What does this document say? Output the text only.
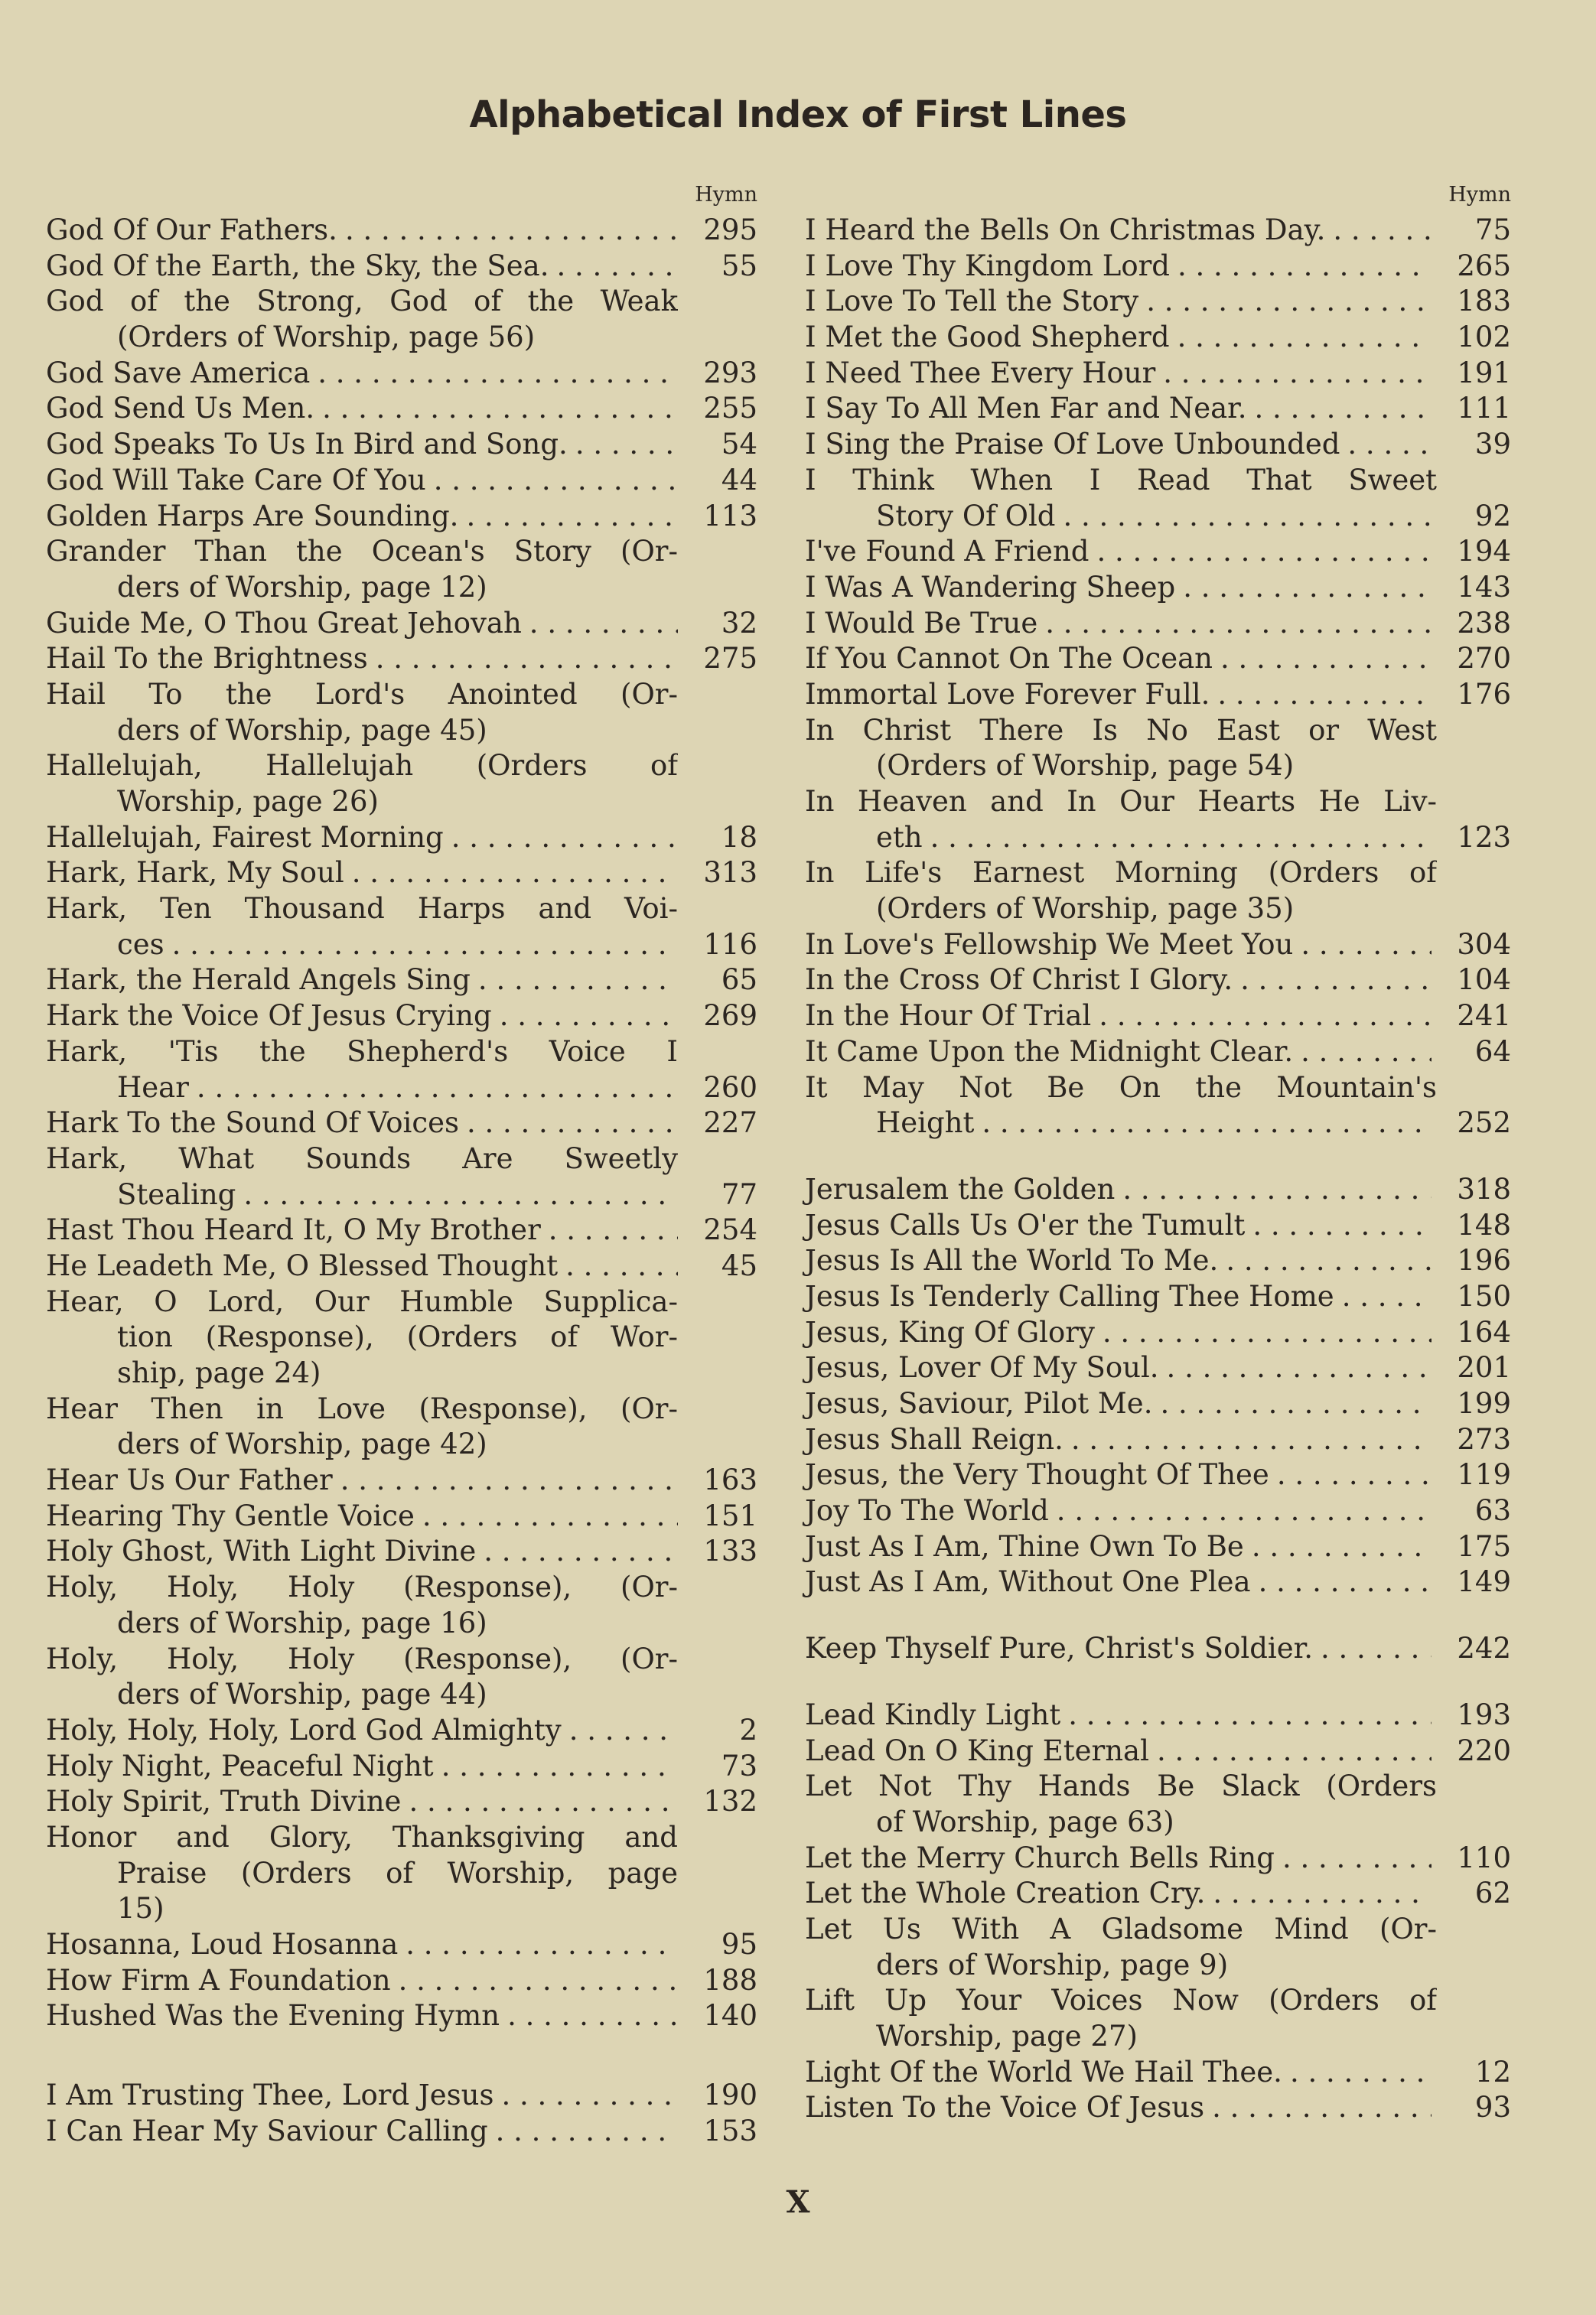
Alphabetical Index of First Lines
Hymn
God Of Our Fathers. . . .	295
God Of the Earth, the Sky, the Sea. . . .	55
God of the Strong, God of the Weak
(Orders of Worship, page 56)
God Save America . . .	293
God Send Us Men. . . .	255
God Speaks To Us In Bird and Song. . . .	54
God Will Take Care Of You . . .	44
Golden Harps Are Sounding. . . .	113
Grander Than the Ocean's Story (Or-
ders of Worship, page 12)
Guide Me, O Thou Great Jehovah . . .	32
Hail To the Brightness . . .	275
Hail To the Lord's Anointed (Or-
ders of Worship, page 45)
Hallelujah, Hallelujah (Orders of
Worship, page 26)
Hallelujah, Fairest Morning . . .	18
Hark, Hark, My Soul . . .	313
Hark, Ten Thousand Harps and Voi-
ces . . .	116
Hark, the Herald Angels Sing . . .	65
Hark the Voice Of Jesus Crying . . .	269
Hark, 'Tis the Shepherd's Voice I
Hear . . .	260
Hark To the Sound Of Voices . . .	227
Hark, What Sounds Are Sweetly
Stealing . . .	77
Hast Thou Heard It, O My Brother . . .	254
He Leadeth Me, O Blessed Thought . . .	45
Hear, O Lord, Our Humble Supplica-
tion (Response), (Orders of Wor-
ship, page 24)
Hear Then in Love (Response), (Or-
ders of Worship, page 42)
Hear Us Our Father . . .	163
Hearing Thy Gentle Voice . . .	151
Holy Ghost, With Light Divine . . .	133
Holy, Holy, Holy (Response), (Or-
ders of Worship, page 16)
Holy, Holy, Holy (Response), (Or-
ders of Worship, page 44)
Holy, Holy, Holy, Lord God Almighty . . .	2
Holy Night, Peaceful Night . . .	73
Holy Spirit, Truth Divine . . .	132
Honor and Glory, Thanksgiving and
Praise (Orders of Worship, page
15)
Hosanna, Loud Hosanna . . .	95
How Firm A Foundation . . .	188
Hushed Was the Evening Hymn . . .	140
I Am Trusting Thee, Lord Jesus . . .	190
I Can Hear My Saviour Calling . . .	153
Hymn
I Heard the Bells On Christmas Day. . . .	75
I Love Thy Kingdom Lord . . .	265
I Love To Tell the Story . . .	183
I Met the Good Shepherd . . .	102
I Need Thee Every Hour . . .	191
I Say To All Men Far and Near. . . .	111
I Sing the Praise Of Love Unbounded . . .	39
I Think When I Read That Sweet
Story Of Old . . .	92
I've Found A Friend . . .	194
I Was A Wandering Sheep . . .	143
I Would Be True . . .	238
If You Cannot On The Ocean . . .	270
Immortal Love Forever Full. . . .	176
In Christ There Is No East or West
(Orders of Worship, page 54)
In Heaven and In Our Hearts He Liv-
eth . . .	123
In Life's Earnest Morning (Orders of
(Orders of Worship, page 35)
In Love's Fellowship We Meet You . . .	304
In the Cross Of Christ I Glory. . . .	104
In the Hour Of Trial . . .	241
It Came Upon the Midnight Clear. . . .	64
It May Not Be On the Mountain's
Height . . .	252
Jerusalem the Golden . . .	318
Jesus Calls Us O'er the Tumult . . .	148
Jesus Is All the World To Me. . . .	196
Jesus Is Tenderly Calling Thee Home . . .	150
Jesus, King Of Glory . . .	164
Jesus, Lover Of My Soul. . . .	201
Jesus, Saviour, Pilot Me. . . .	199
Jesus Shall Reign. . . .	273
Jesus, the Very Thought Of Thee . . .	119
Joy To The World . . .	63
Just As I Am, Thine Own To Be . . .	175
Just As I Am, Without One Plea . . .	149
Keep Thyself Pure, Christ's Soldier. . . .	242
Lead Kindly Light . . .	193
Lead On O King Eternal . . .	220
Let Not Thy Hands Be Slack (Orders
of Worship, page 63)
Let the Merry Church Bells Ring . . .	110
Let the Whole Creation Cry. . . .	62
Let Us With A Gladsome Mind (Or-
ders of Worship, page 9)
Lift Up Your Voices Now (Orders of
Worship, page 27)
Light Of the World We Hail Thee. . . .	12
Listen To the Voice Of Jesus . . .	93
X
